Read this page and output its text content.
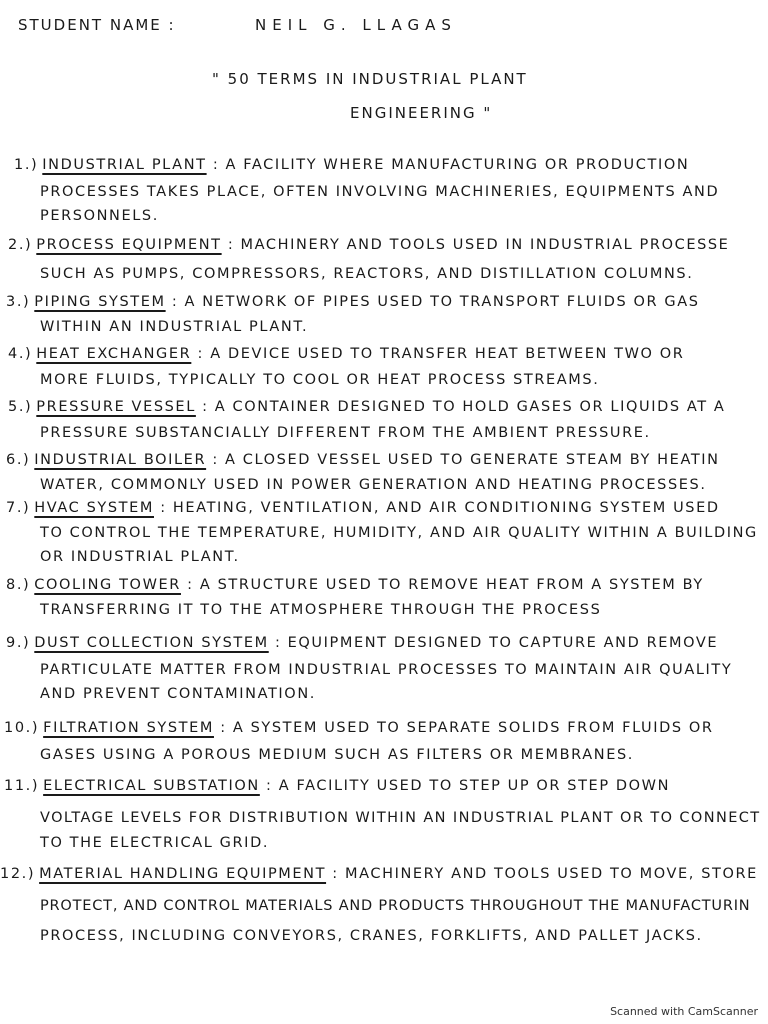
STUDENT NAME :	NEIL G. LLAGAS
" 50 TERMS IN INDUSTRIAL PLANT
ENGINEERING "
1.) INDUSTRIAL PLANT : A FACILITY WHERE MANUFACTURING OR PRODUCTION
PROCESSES TAKES PLACE, OFTEN INVOLVING MACHINERIES, EQUIPMENTS AND
PERSONNELS.
2.) PROCESS EQUIPMENT : MACHINERY AND TOOLS USED IN INDUSTRIAL PROCESSE
SUCH AS PUMPS, COMPRESSORS, REACTORS, AND DISTILLATION COLUMNS.
3.) PIPING SYSTEM : A NETWORK OF PIPES USED TO TRANSPORT FLUIDS OR GAS
WITHIN AN INDUSTRIAL PLANT.
4.) HEAT EXCHANGER : A DEVICE USED TO TRANSFER HEAT BETWEEN TWO OR
MORE FLUIDS, TYPICALLY TO COOL OR HEAT PROCESS STREAMS.
5.) PRESSURE VESSEL : A CONTAINER DESIGNED TO HOLD GASES OR LIQUIDS AT A
PRESSURE SUBSTANCIALLY DIFFERENT FROM THE AMBIENT PRESSURE.
6.) INDUSTRIAL BOILER : A CLOSED VESSEL USED TO GENERATE STEAM BY HEATIN
WATER, COMMONLY USED IN POWER GENERATION AND HEATING PROCESSES.
7.) HVAC SYSTEM : HEATING, VENTILATION, AND AIR CONDITIONING SYSTEM USED
TO CONTROL THE TEMPERATURE, HUMIDITY, AND AIR QUALITY WITHIN A BUILDING
OR INDUSTRIAL PLANT.
8.) COOLING TOWER : A STRUCTURE USED TO REMOVE HEAT FROM A SYSTEM BY
TRANSFERRING IT TO THE ATMOSPHERE THROUGH THE PROCESS
9.) DUST COLLECTION SYSTEM : EQUIPMENT DESIGNED TO CAPTURE AND REMOVE
PARTICULATE MATTER FROM INDUSTRIAL PROCESSES TO MAINTAIN AIR QUALITY
AND PREVENT CONTAMINATION.
10.) FILTRATION SYSTEM : A SYSTEM USED TO SEPARATE SOLIDS FROM FLUIDS OR
GASES USING A POROUS MEDIUM SUCH AS FILTERS OR MEMBRANES.
11.) ELECTRICAL SUBSTATION : A FACILITY USED TO STEP UP OR STEP DOWN
VOLTAGE LEVELS FOR DISTRIBUTION WITHIN AN INDUSTRIAL PLANT OR TO CONNECT
TO THE ELECTRICAL GRID.
12.) MATERIAL HANDLING EQUIPMENT : MACHINERY AND TOOLS USED TO MOVE, STORE
PROTECT, AND CONTROL MATERIALS AND PRODUCTS THROUGHOUT THE MANUFACTURIN
PROCESS, INCLUDING CONVEYORS, CRANES, FORKLIFTS, AND PALLET JACKS.
Scanned with CamScanner
